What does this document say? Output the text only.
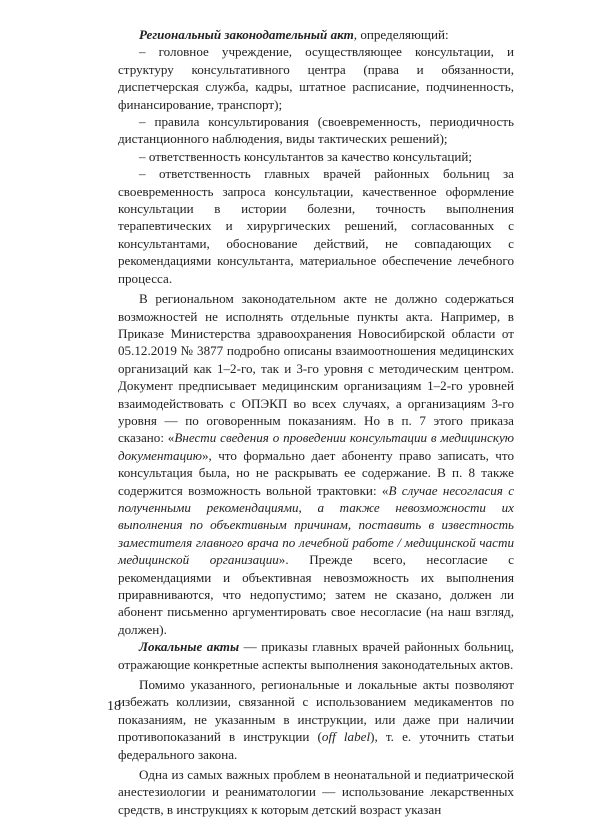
Региональный законодательный акт, определяющий:

– головное учреждение, осуществляющее консультации, и структуру консультативного центра (права и обязанности, диспетчерская служба, кадры, штатное расписание, подчиненность, финансирование, транспорт);

– правила консультирования (своевременность, периодичность дистанционного наблюдения, виды тактических решений);

– ответственность консультантов за качество консультаций;

– ответственность главных врачей районных больниц за своевременность запроса консультации, качественное оформление консультации в истории болезни, точность выполнения терапевтических и хирургических решений, согласованных с консультантами, обоснование действий, не совпадающих с рекомендациями консультанта, материальное обеспечение лечебного процесса.

В региональном законодательном акте не должно содержаться возможностей не исполнять отдельные пункты акта. Например, в Приказе Министерства здравоохранения Новосибирской области от 05.12.2019 № 3877 подробно описаны взаимоотношения медицинских организаций как 1–2-го, так и 3-го уровня с методическим центром. Документ предписывает медицинским организациям 1–2-го уровней взаимодействовать с ОПЭКП во всех случаях, а организациям 3-го уровня — по оговоренным показаниям. Но в п. 7 этого приказа сказано: «Внести сведения о проведении консультации в медицинскую документацию», что формально дает абоненту право записать, что консультация была, но не раскрывать ее содержание. В п. 8 также содержится возможность вольной трактовки: «В случае несогласия с полученными рекомендациями, а также невозможности их выполнения по объективным причинам, поставить в известность заместителя главного врача по лечебной работе / медицинской части медицинской организации». Прежде всего, несогласие с рекомендациями и объективная невозможность их выполнения приравниваются, что недопустимо; затем не сказано, должен ли абонент письменно аргументировать свое несогласие (на наш взгляд, должен).

Локальные акты — приказы главных врачей районных больниц, отражающие конкретные аспекты выполнения законодательных актов.

Помимо указанного, региональные и локальные акты позволяют избежать коллизии, связанной с использованием медикаментов по показаниям, не указанным в инструкции, или даже при наличии противопоказаний в инструкции (off label), т. е. уточнить статьи федерального закона.

Одна из самых важных проблем в неонатальной и педиатрической анестезиологии и реаниматологии — использование лекарственных средств, в инструкциях к которым детский возраст указан

18
